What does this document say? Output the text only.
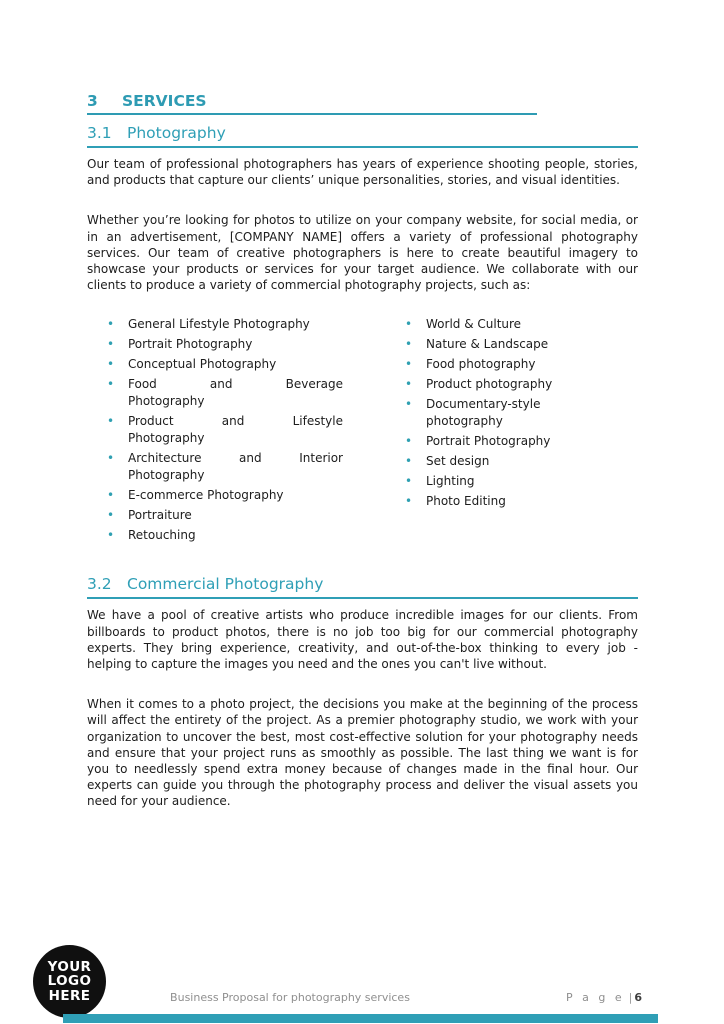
3	SERVICES
3.1 Photography

Our team of professional photographers has years of experience shooting people, stories, and products that capture our clients’ unique personalities, stories, and visual identities.

Whether you’re looking for photos to utilize on your company website, for social media, or in an advertisement, [COMPANY NAME] offers a variety of professional photography services. Our team of creative photographers is here to create beautiful imagery to showcase your products or services for your target audience. We collaborate with our clients to produce a variety of commercial photography projects, such as:

•	General Lifestyle Photography
•	Portrait Photography
•	Conceptual Photography
•	Food and Beverage
Photography
•	Product and Lifestyle
Photography
•	Architecture and Interior
Photography
•	E-commerce Photography
•	Portraiture
•	Retouching
•	World & Culture
•	Nature & Landscape
•	Food photography
•	Product photography
•	Documentary-style
photography
•	Portrait Photography
•	Set design
•	Lighting
•	Photo Editing
3.2 Commercial Photography

We have a pool of creative artists who produce incredible images for our clients. From billboards to product photos, there is no job too big for our commercial photography experts. They bring experience, creativity, and out-of-the-box thinking to every job - helping to capture the images you need and the ones you can't live without.

When it comes to a photo project, the decisions you make at the beginning of the process will affect the entirety of the project. As a premier photography studio, we work with your organization to uncover the best, most cost-effective solution for your photography needs and ensure that your project runs as smoothly as possible. The last thing we want is for you to needlessly spend extra money because of changes made in the final hour. Our experts can guide you through the photography process and deliver the visual assets you need for your audience.

YOUR
LOGO
HERE	Business Proposal for photography services	P a g e | 6
